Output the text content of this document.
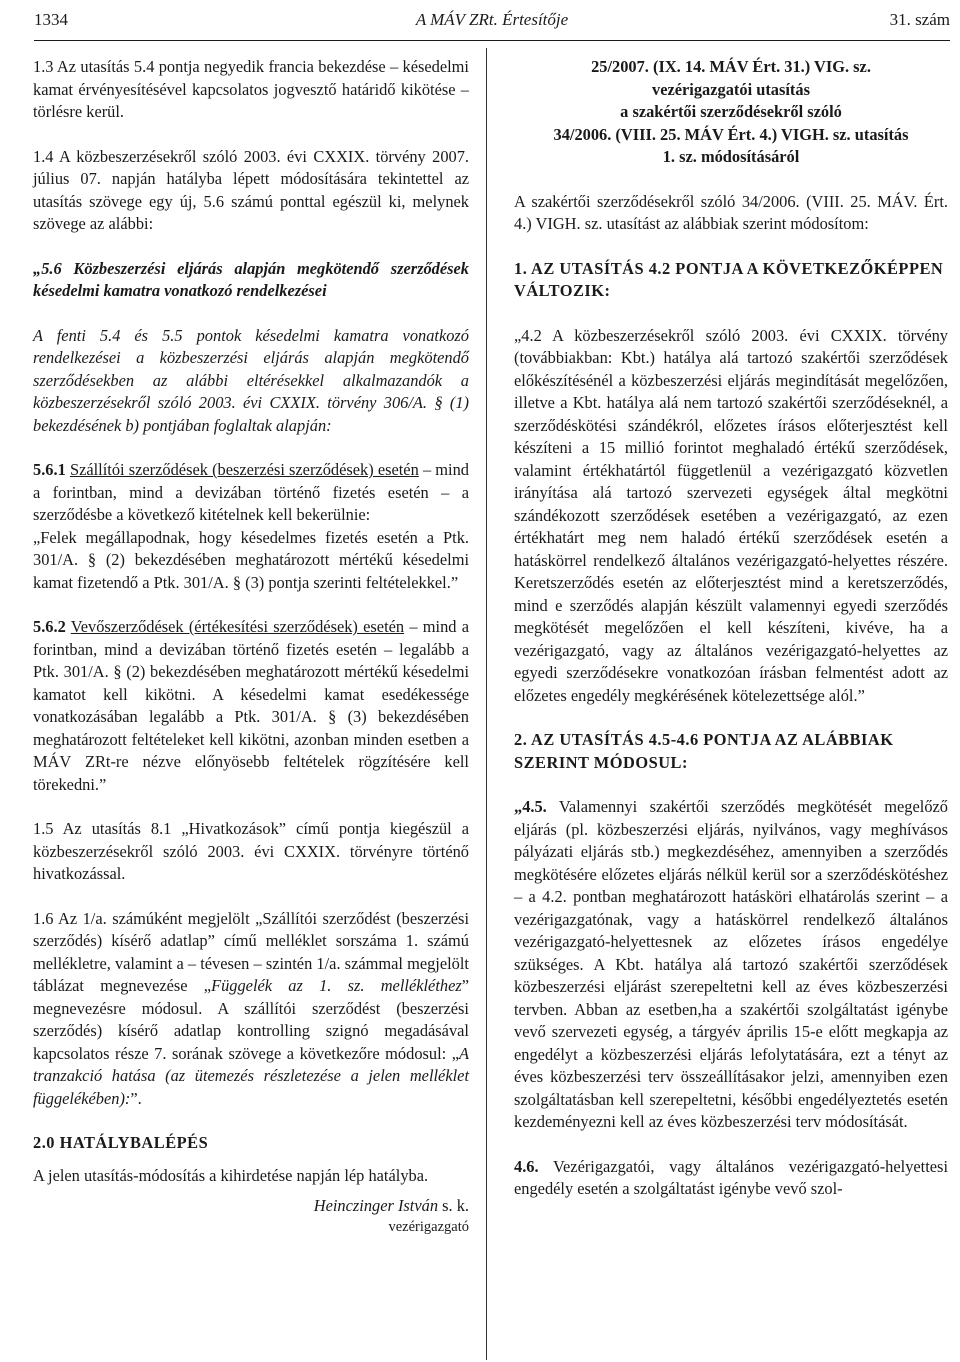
1334	A MÁV ZRt. Értesítője	31. szám

1.3 Az utasítás 5.4 pontja negyedik francia bekezdése – késedelmi kamat érvényesítésével kapcsolatos jogvesztő határidő kikötése – törlésre kerül.

1.4 A közbeszerzésekről szóló 2003. évi CXXIX. törvény 2007. július 07. napján hatályba lépett módosítására tekintettel az utasítás szövege egy új, 5.6 számú ponttal egészül ki, melynek szövege az alábbi:

„5.6 Közbeszerzési eljárás alapján megkötendő szerződések késedelmi kamatra vonatkozó rendelkezései

A fenti 5.4 és 5.5 pontok késedelmi kamatra vonatkozó rendelkezései a közbeszerzési eljárás alapján megkötendő szerződésekben az alábbi eltérésekkel alkalmazandók a közbeszerzésekről szóló 2003. évi CXXIX. törvény 306/A. § (1) bekezdésének b) pontjában foglaltak alapján:

5.6.1 Szállítói szerződések (beszerzési szerződések) esetén – mind a forintban, mind a devizában történő fizetés esetén – a szerződésbe a következő kitételnek kell bekerülnie:

„Felek megállapodnak, hogy késedelmes fizetés esetén a Ptk. 301/A. § (2) bekezdésében meghatározott mértékű késedelmi kamat fizetendő a Ptk. 301/A. § (3) pontja szerinti feltételekkel.”

5.6.2 Vevőszerződések (értékesítési szerződések) esetén – mind a forintban, mind a devizában történő fizetés esetén – legalább a Ptk. 301/A. § (2) bekezdésében meghatározott mértékű késedelmi kamatot kell kikötni. A késedelmi kamat esedékessége vonatkozásában legalább a Ptk. 301/A. § (3) bekezdésében meghatározott feltételeket kell kikötni, azonban minden esetben a MÁV ZRt-re nézve előnyösebb feltételek rögzítésére kell törekedni.”

1.5 Az utasítás 8.1 „Hivatkozások” című pontja kiegészül a közbeszerzésekről szóló 2003. évi CXXIX. törvényre történő hivatkozással.

1.6 Az 1/a. számúként megjelölt „Szállítói szerződést (beszerzési szerződés) kísérő adatlap” című melléklet sorszáma 1. számú mellékletre, valamint a – tévesen – szintén 1/a. számmal megjelölt táblázat megnevezése „Függelék az 1. sz. mellékléthez” megnevezésre módosul. A szállítói szerződést (beszerzési szerződés) kísérő adatlap kontrolling szignó megadásával kapcsolatos része 7. sorának szövege a következőre módosul: „A tranzakció hatása (az ütemezés részletezése a jelen melléklet függelékében):”.

2.0 HATÁLYBALÉPÉS

A jelen utasítás-módosítás a kihirdetése napján lép hatályba.

Heinczinger István s. k.

vezérigazgató

25/2007. (IX. 14. MÁV Ért. 31.) VIG. sz.

vezérigazgatói utasítás

a szakértői szerződésekről szóló

34/2006. (VIII. 25. MÁV Ért. 4.) VIGH. sz. utasítás

1. sz. módosításáról

A szakértői szerződésekről szóló 34/2006. (VIII. 25. MÁV. Ért. 4.) VIGH. sz. utasítást az alábbiak szerint módosítom:

1. AZ UTASÍTÁS 4.2 PONTJA A KÖVETKEZŐKÉPPEN VÁLTOZIK:

„4.2 A közbeszerzésekről szóló 2003. évi CXXIX. törvény (továbbiakban: Kbt.) hatálya alá tartozó szakértői szerződések előkészítésénél a közbeszerzési eljárás megindítását megelőzően, illetve a Kbt. hatálya alá nem tartozó szakértői szerződéseknél, a szerződéskötési szándékról, előzetes írásos előterjesztést kell készíteni a 15 millió forintot meghaladó értékű szerződések, valamint értékhatártól függetlenül a vezérigazgató közvetlen irányítása alá tartozó szervezeti egységek által megkötni szándékozott szerződések esetében a vezérigazgató, az ezen értékhatárt meg nem haladó értékű szerződések esetén a hatáskörrel rendelkező általános vezérigazgató-helyettes részére. Keretszerződés esetén az előterjesztést mind a keretszerződés, mind e szerződés alapján készült valamennyi egyedi szerződés megkötését megelőzően el kell készíteni, kivéve, ha a vezérigazgató, vagy az általános vezérigazgató-helyettes az egyedi szerződésekre vonatkozóan írásban felmentést adott az előzetes engedély megkérésének kötelezettsége alól.”

2. AZ UTASÍTÁS 4.5-4.6 PONTJA AZ ALÁBBIAK SZERINT MÓDOSUL:

„4.5. Valamennyi szakértői szerződés megkötését megelőző eljárás (pl. közbeszerzési eljárás, nyilvános, vagy meghívásos pályázati eljárás stb.) megkezdéséhez, amennyiben a szerződés megkötésére előzetes eljárás nélkül kerül sor a szerződéskötéshez – a 4.2. pontban meghatározott hatásköri elhatárolás szerint – a vezérigazgatónak, vagy a hatáskörrel rendelkező általános vezérigazgató-helyettesnek az előzetes írásos engedélye szükséges. A Kbt. hatálya alá tartozó szakértői szerződések közbeszerzési eljárást szerepeltetni kell az éves közbeszerzési tervben. Abban az esetben,ha a szakértői szolgáltatást igénybe vevő szervezeti egység, a tárgyév április 15-e előtt megkapja az engedélyt a közbeszerzési eljárás lefolytatására, ezt a tényt az éves közbeszerzési terv összeállításakor jelzi, amennyiben ezen szolgáltatásban kell szerepeltetni, későbbi engedélyeztetés esetén kezdeményezni kell az éves közbeszerzési terv módosítását.

4.6. Vezérigazgatói, vagy általános vezérigazgató-helyettesi engedély esetén a szolgáltatást igénybe vevő szol-
